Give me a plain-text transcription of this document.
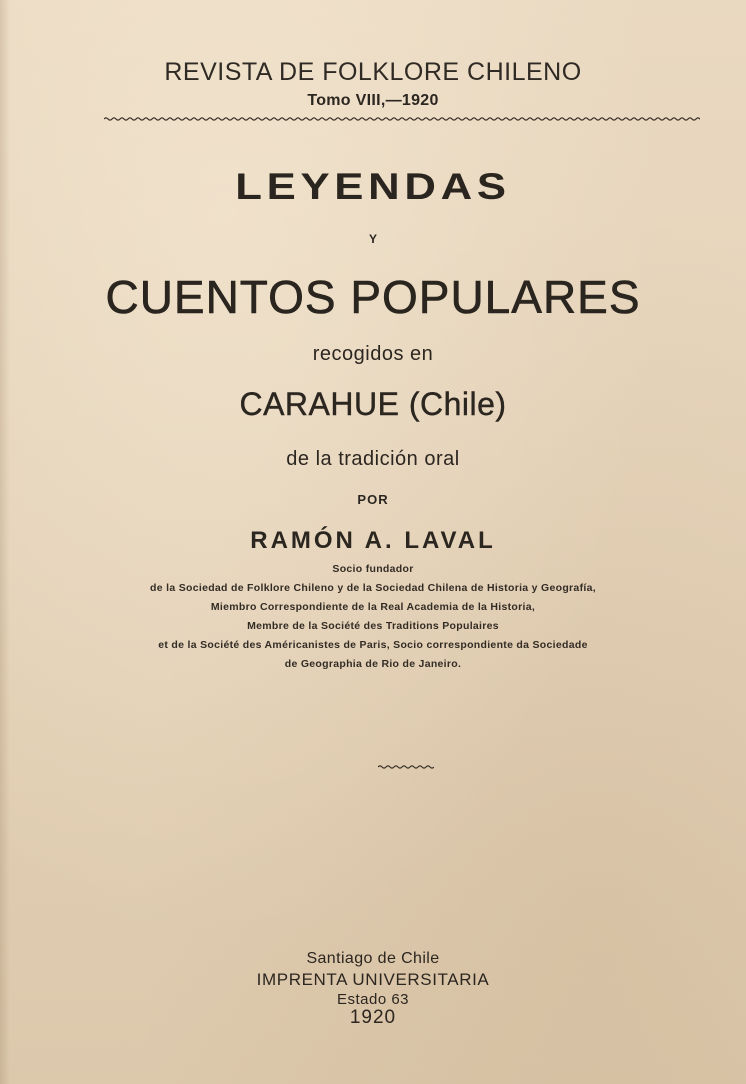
REVISTA DE FOLKLORE CHILENO
Tomo VIII,—1920
LEYENDAS
Y
CUENTOS POPULARES
recogidos en
CARAHUE (Chile)
de la tradición oral
POR
RAMÓN A. LAVAL
Socio fundador
de la Sociedad de Folklore Chileno y de la Sociedad Chilena de Historia y Geografía,
Miembro Correspondiente de la Real Academia de la Historia,
Membre de la Société des Traditions Populaires
et de la Société des Américanistes de Paris, Socio correspondiente da Sociedade
de Geographia de Rio de Janeiro.
Santiago de Chile
IMPRENTA UNIVERSITARIA
Estado 63
1920
